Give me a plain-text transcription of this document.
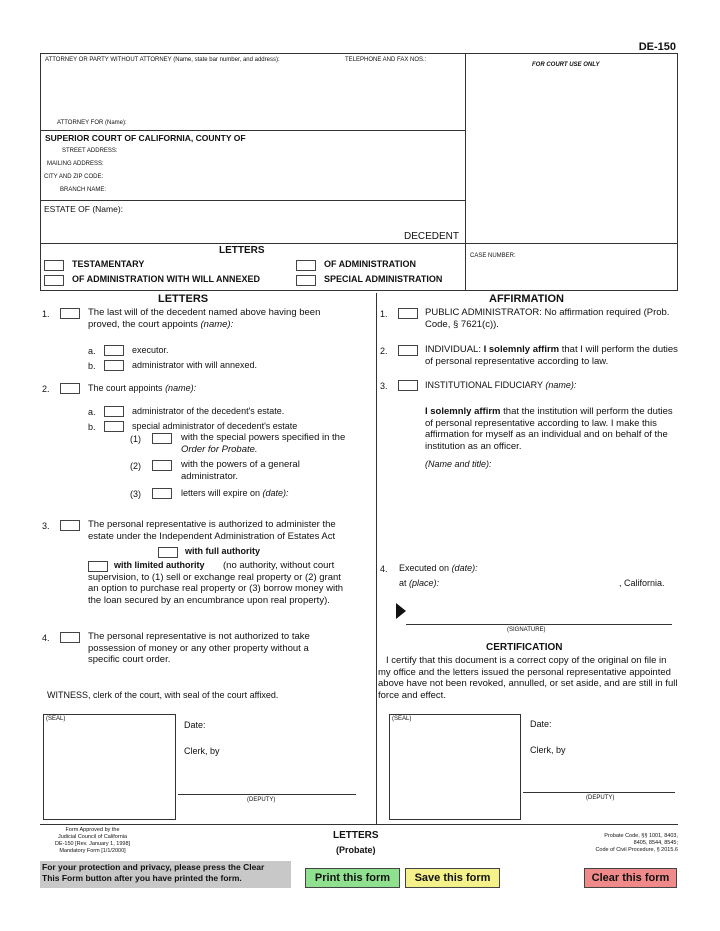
DE-150
ATTORNEY OR PARTY WITHOUT ATTORNEY (Name, state bar number, and address):	TELEPHONE AND FAX NOS.:
FOR COURT USE ONLY
ATTORNEY FOR (Name):
SUPERIOR COURT OF CALIFORNIA, COUNTY OF
STREET ADDRESS:
MAILING ADDRESS:
CITY AND ZIP CODE:
BRANCH NAME:
ESTATE OF (Name):
DECEDENT
CASE NUMBER:
LETTERS
TESTAMENTARY	OF ADMINISTRATION
OF ADMINISTRATION WITH WILL ANNEXED	SPECIAL ADMINISTRATION
LETTERS
1.	The last will of the decedent named above having been proved, the court appoints (name):
a.	executor.
b.	administrator with will annexed.
2.	The court appoints (name):
a.	administrator of the decedent's estate.
b.	special administrator of decedent's estate
(1)	with the special powers specified in the Order for Probate.
(2)	with the powers of a general administrator.
(3)	letters will expire on (date):
3.	The personal representative is authorized to administer the estate under the Independent Administration of Estates Act
with full authority
with limited authority	(no authority, without court supervision, to (1) sell or exchange real property or (2) grant an option to purchase real property or (3) borrow money with the loan secured by an encumbrance upon real property).
4.	The personal representative is not authorized to take possession of money or any other property without a specific court order.
WITNESS, clerk of the court, with seal of the court affixed.
(SEAL)
Date:
Clerk, by
(DEPUTY)
AFFIRMATION
1.	PUBLIC ADMINISTRATOR: No affirmation required (Prob. Code, § 7621(c)).
2.	INDIVIDUAL: I solemnly affirm that I will perform the duties of personal representative according to law.
3.	INSTITUTIONAL FIDUCIARY (name):
I solemnly affirm that the institution will perform the duties of personal representative according to law. I make this affirmation for myself as an individual and on behalf of the institution as an officer.
(Name and title):
4. Executed on (date):
at (place):	, California.
(SIGNATURE)
CERTIFICATION
I certify that this document is a correct copy of the original on file in my office and the letters issued the personal representative appointed above have not been revoked, annulled, or set aside, and are still in full force and effect.
(SEAL)	Date:
Clerk, by
(DEPUTY)
Form Approved by the
Judicial Council of California
DE-150 [Rev. January 1, 1998]
Mandatory Form [1/1/2000]
LETTERS
(Probate)
Probate Code, §§ 1001, 8403,
8405, 8544, 8545;
Code of Civil Procedure, § 2015.6
For your protection and privacy, please press the Clear
This Form button after you have printed the form.	Print this form	Save this form	Clear this form
